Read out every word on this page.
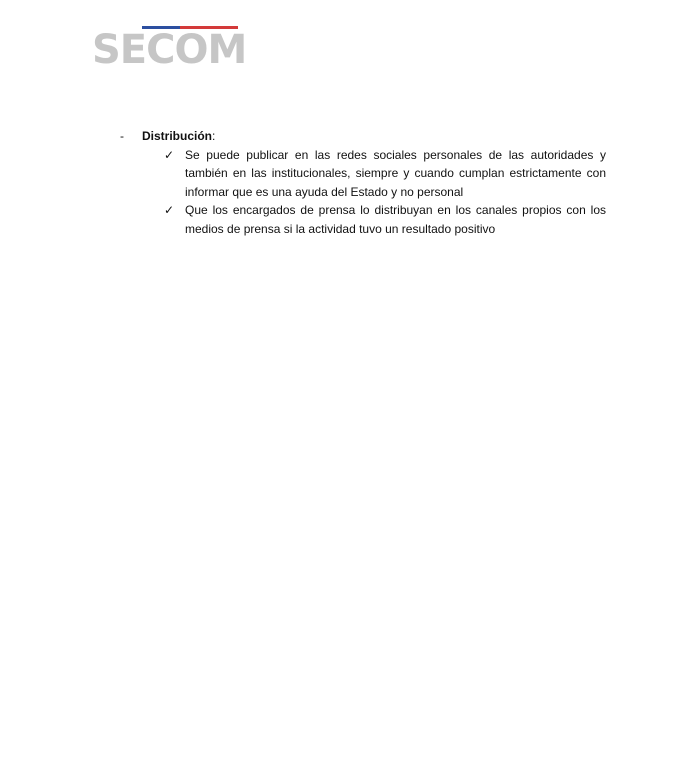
SECOM
- Distribución:
✓ Se puede publicar en las redes sociales personales de las autoridades y también en las institucionales, siempre y cuando cumplan estrictamente con informar que es una ayuda del Estado y no personal
✓ Que los encargados de prensa lo distribuyan en los canales propios con los medios de prensa si la actividad tuvo un resultado positivo
